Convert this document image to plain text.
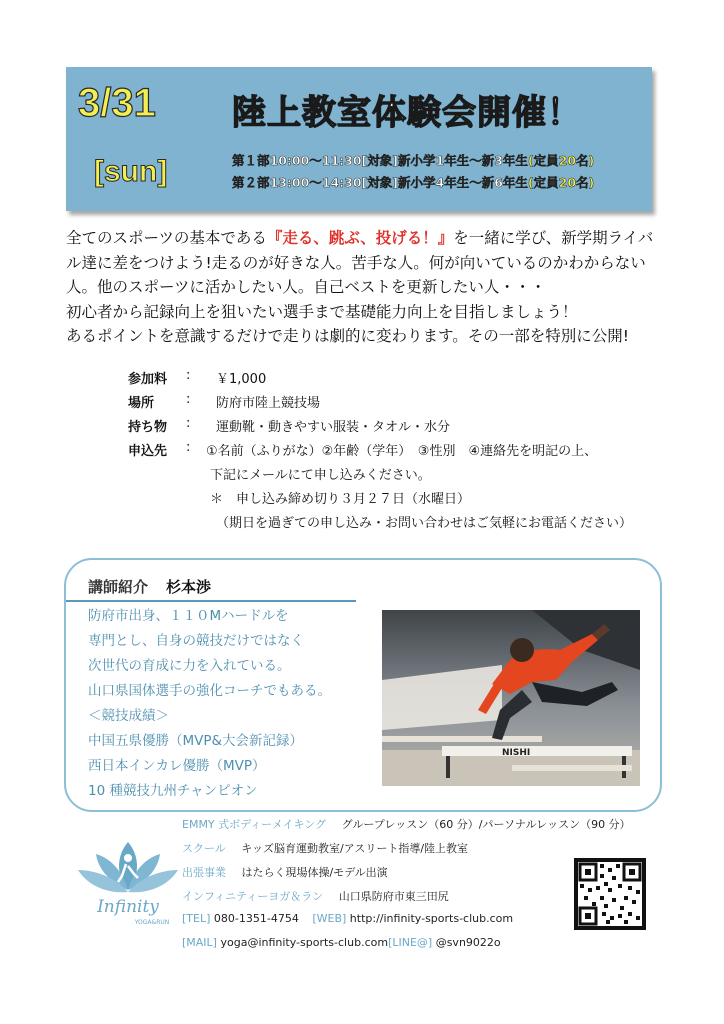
3/31
[sun]
陸上教室体験会開催！
第１部10:00～11:30[対象]新小学1年生～新3年生(定員20名)
第２部13:00～14:30[対象]新小学4年生～新6年生(定員20名)
全てのスポーツの基本である『走る、跳ぶ、投げる！』を一緒に学び、新学期ライバル達に差をつけよう!走るのが好きな人。苦手な人。何が向いているのかわからない人。他のスポーツに活かしたい人。自己ベストを更新したい人・・・
初心者から記録向上を狙いたい選手まで基礎能力向上を目指しましょう！
あるポイントを意識するだけで走りは劇的に変わります。その一部を特別に公開!
参加料 : ￥1,000
場所 : 防府市陸上競技場
持ち物 : 運動靴・動きやすい服装・タオル・水分
申込先 : ①名前（ふりがな）②年齢（学年）　③性別　④連絡先を明記の上、
下記にメールにて申し込みください。
＊　申し込み締め切り３月２７日（水曜日）
（期日を過ぎての申し込み・お問い合わせはご気軽にお電話ください）
講師紹介 杉本渉
防府市出身、１１０Mハードルを
専門とし、自身の競技だけではなく
次世代の育成に力を入れている。
山口県国体選手の強化コーチでもある。
＜競技成績＞
中国五県優勝（MVP&大会新記録）
西日本インカレ優勝（MVP）
10 種競技九州チャンピオン
NISHI
EMMY 式ボディーメイキング グループレッスン（60 分）/パーソナルレッスン（90 分）
スクール キッズ脳育運動教室/アスリート指導/陸上教室
出張事業 はたらく現場体操/モデル出演
インフィニティーヨガ＆ラン 山口県防府市東三田尻
[TEL] 080-1351-4754 [WEB] http://infinity-sports-club.com
[MAIL] yoga@infinity-sports-club.com[LINE@] @svn9022o
Infinity
YOGA&RUN
